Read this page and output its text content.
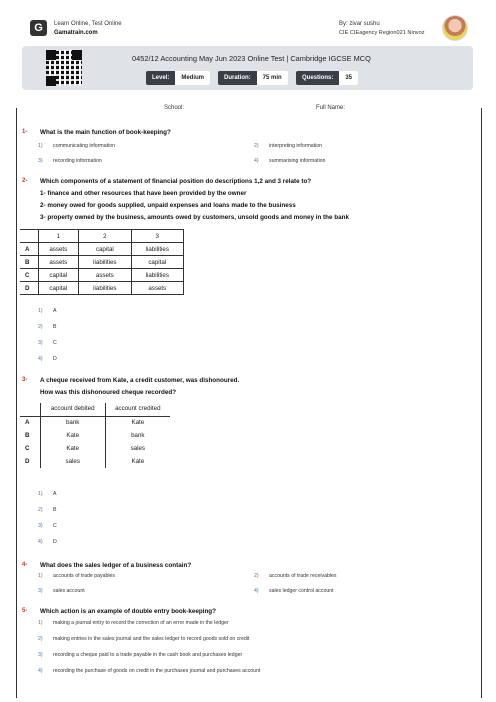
G	Learn Online, Test Online
Gamatrain.com
By: zivar sushu
CIE CIEagency Region021 Ninvoz
0452/12 Accounting May Jun 2023 Online Test | Cambridge IGCSE MCQ
Level:	Medium	Duration:	75 min	Questions:	35
School:	Full Name:
1- What is the main function of book-keeping?
1) communicating information	2) interpreting information
3) recording information	4) summarising information
2- Which components of a statement of financial position do descriptions 1,2 and 3 relate to?
1- finance and other resources that have been provided by the owner
2- money owed for goods supplied, unpaid expenses and loans made to the business
3- property owned by the business, amounts owed by customers, unsold goods and money in the bank
	1	2	3
A	assets	capital	liabilities
B	assets	liabilities	capital
C	capital	assets	liabilities
D	capital	liabilities	assets
1) A
2) B
3) C
4) D
3- A cheque received from Kate, a credit customer, was dishonoured.
How was this dishonoured cheque recorded?
	account debited	account credited
A	bank	Kate
B	Kate	bank
C	Kate	sales
D	sales	Kate
1) A
2) B
3) C
4) D
4- What does the sales ledger of a business contain?
1) accounts of trade payables	2) accounts of trade receivables
3) sales account	4) sales ledger control account
5- Which action is an example of double entry book-keeping?
1) making a journal entry to record the correction of an error made in the ledger
2) making entries in the sales journal and the sales ledger to record goods sold on credit
3) recording a cheque paid to a trade payable in the cash book and purchases ledger
4) recording the purchase of goods on credit in the purchases journal and purchases account
